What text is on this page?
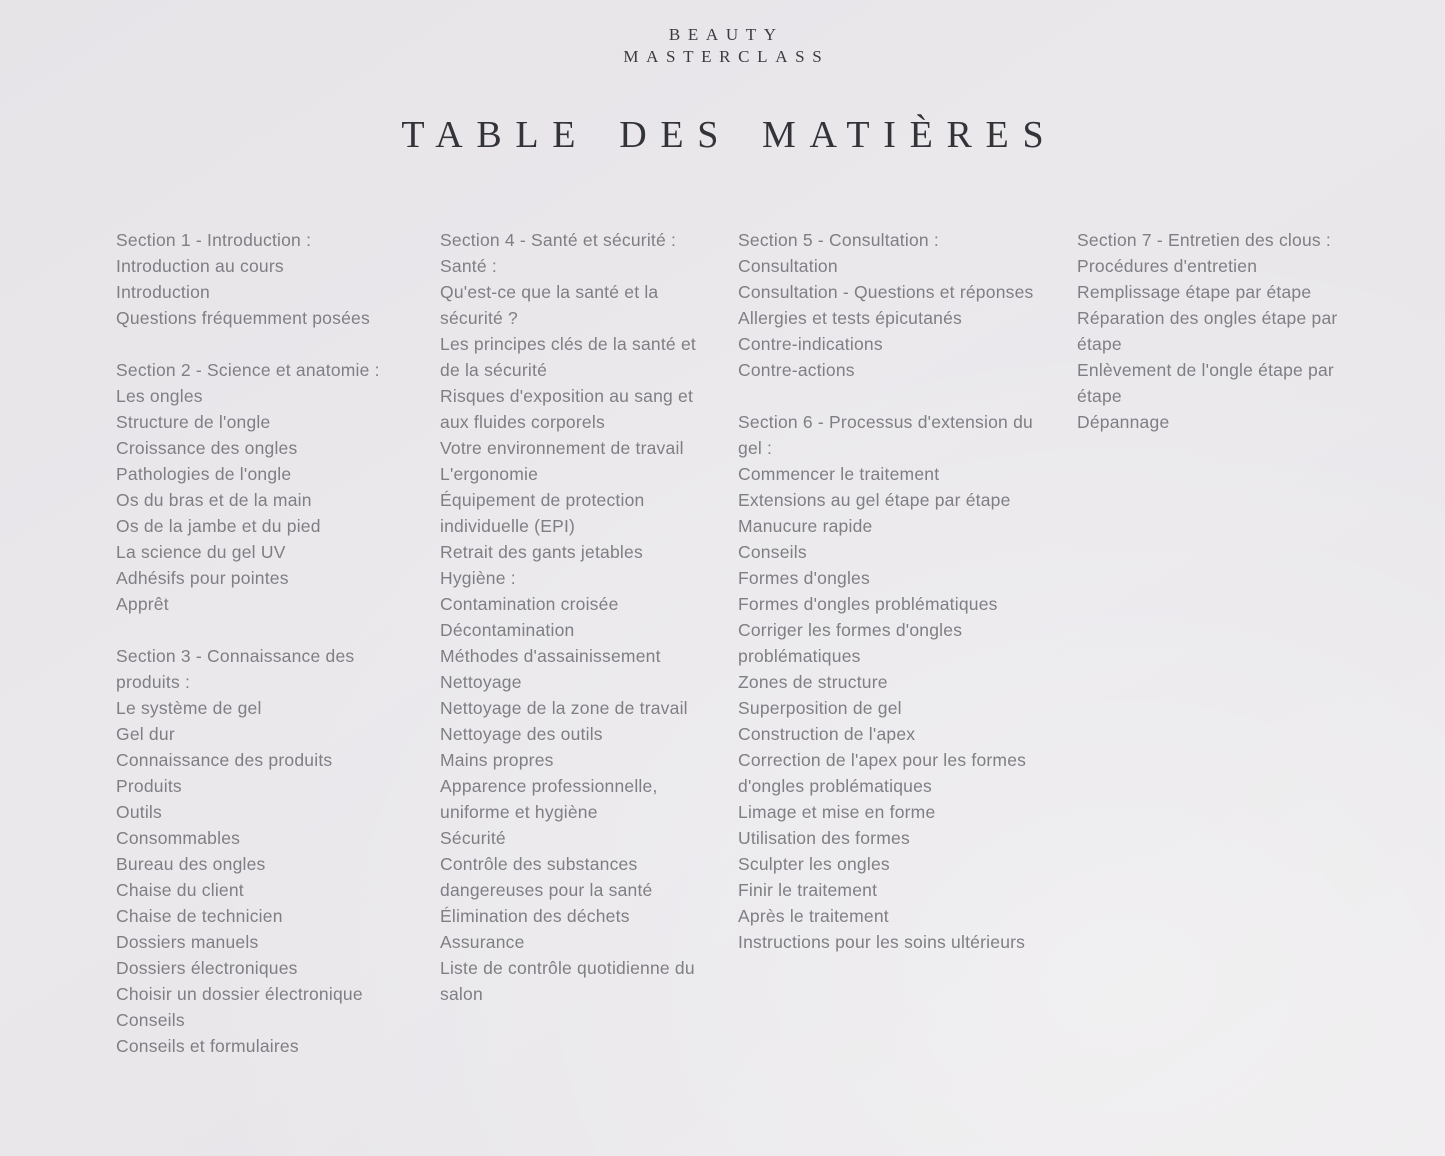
BEAUTY
MASTERCLASS
TABLE DES MATIÈRES
Section 1 - Introduction :
Introduction au cours
Introduction
Questions fréquemment posées

Section 2 - Science et anatomie :
Les ongles
Structure de l'ongle
Croissance des ongles
Pathologies de l'ongle
Os du bras et de la main
Os de la jambe et du pied
La science du gel UV
Adhésifs pour pointes
Apprêt

Section 3 - Connaissance des
produits :
Le système de gel
Gel dur
Connaissance des produits
Produits
Outils
Consommables
Bureau des ongles
Chaise du client
Chaise de technicien
Dossiers manuels
Dossiers électroniques
Choisir un dossier électronique
Conseils
Conseils et formulaires
Section 4 - Santé et sécurité :
Santé :
Qu'est-ce que la santé et la
sécurité ?
Les principes clés de la santé et
de la sécurité
Risques d'exposition au sang et
aux fluides corporels
Votre environnement de travail
L'ergonomie
Équipement de protection
individuelle (EPI)
Retrait des gants jetables
Hygiène :
Contamination croisée
Décontamination
Méthodes d'assainissement
Nettoyage
Nettoyage de la zone de travail
Nettoyage des outils
Mains propres
Apparence professionnelle,
uniforme et hygiène
Sécurité
Contrôle des substances
dangereuses pour la santé
Élimination des déchets
Assurance
Liste de contrôle quotidienne du
salon
Section 5 - Consultation :
Consultation
Consultation - Questions et réponses
Allergies et tests épicutanés
Contre-indications
Contre-actions

Section 6 - Processus d'extension du
gel :
Commencer le traitement
Extensions au gel étape par étape
Manucure rapide
Conseils
Formes d'ongles
Formes d'ongles problématiques
Corriger les formes d'ongles
problématiques
Zones de structure
Superposition de gel
Construction de l'apex
Correction de l'apex pour les formes
d'ongles problématiques
Limage et mise en forme
Utilisation des formes
Sculpter les ongles
Finir le traitement
Après le traitement
Instructions pour les soins ultérieurs
Section 7 - Entretien des clous :
Procédures d'entretien
Remplissage étape par étape
Réparation des ongles étape par
étape
Enlèvement de l'ongle étape par
étape
Dépannage
